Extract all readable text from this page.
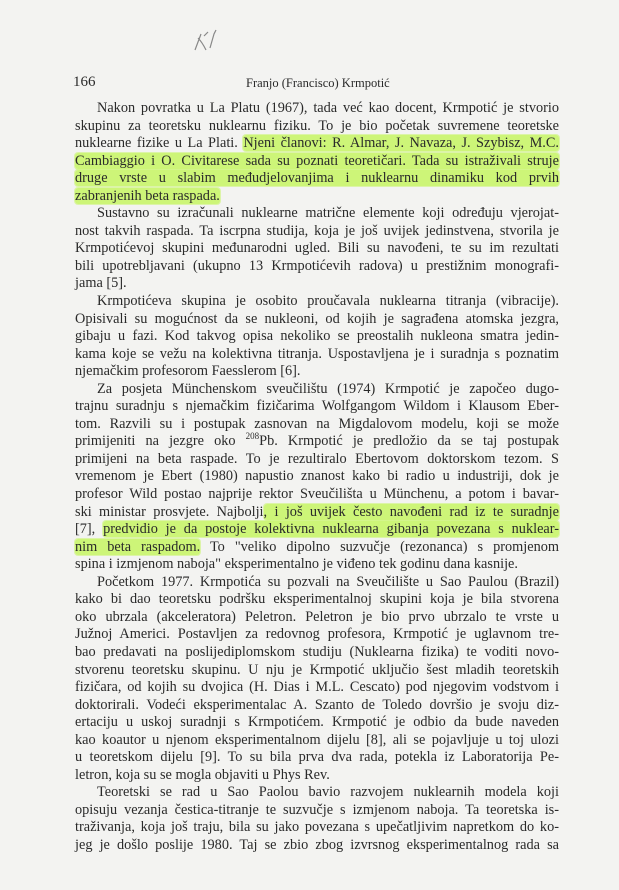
166	Franjo (Francisco) Krmpotić
Nakon povratka u La Platu (1967), tada već kao docent, Krmpotić je stvorio
skupinu za teoretsku nuklearnu fiziku. To je bio početak suvremene teoretske
nuklearne fizike u La Plati. Njeni članovi: R. Almar, J. Navaza, J. Szybisz, M.C.
Cambiaggio i O. Civitarese sada su poznati teoretičari. Tada su istraživali struje
druge vrste u slabim međudjelovanjima i nuklearnu dinamiku kod prvih
zabranjenih beta raspada.
Sustavno su izračunali nuklearne matrične elemente koji određuju vjerojat-
nost takvih raspada. Ta iscrpna studija, koja je još uvijek jedinstvena, stvorila je
Krmpotićevoj skupini međunarodni ugled. Bili su navođeni, te su im rezultati
bili upotrebljavani (ukupno 13 Krmpotićevih radova) u prestižnim monografi-
jama [5].
Krmpotićeva skupina je osobito proučavala nuklearna titranja (vibracije).
Opisivali su mogućnost da se nukleoni, od kojih je sagrađena atomska jezgra,
gibaju u fazi. Kod takvog opisa nekoliko se preostalih nukleona smatra jedin-
kama koje se vežu na kolektivna titranja. Uspostavljena je i suradnja s poznatim
njemačkim profesorom Faesslerom [6].
Za posjeta Münchenskom sveučilištu (1974) Krmpotić je započeo dugo-
trajnu suradnju s njemačkim fizičarima Wolfgangom Wildom i Klausom Eber-
tom. Razvili su i postupak zasnovan na Migdalovom modelu, koji se može
primijeniti na jezgre oko $^{208}$Pb. Krmpotić je predložio da se taj postupak
primijeni na beta raspade. To je rezultiralo Ebertovom doktorskom tezom. S
vremenom je Ebert (1980) napustio znanost kako bi radio u industriji, dok je
profesor Wild postao najprije rektor Sveučilišta u Münchenu, a potom i bavar-
ski ministar prosvjete. Najbolji, i još uvijek često navođeni rad iz te suradnje
[7], predvidio je da postoje kolektivna nuklearna gibanja povezana s nuklear-
nim beta raspadom. To "veliko dipolno suzvučje (rezonanca) s promjenom
spina i izmjenom naboja" eksperimentalno je viđeno tek godinu dana kasnije.
Početkom 1977. Krmpotića su pozvali na Sveučilište u Sao Paulou (Brazil)
kako bi dao teoretsku podršku eksperimentalnoj skupini koja je bila stvorena
oko ubrzala (akceleratora) Peletron. Peletron je bio prvo ubrzalo te vrste u
Južnoj Americi. Postavljen za redovnog profesora, Krmpotić je uglavnom tre-
bao predavati na poslijediplomskom studiju (Nuklearna fizika) te voditi novo-
stvorenu teoretsku skupinu. U nju je Krmpotić uključio šest mladih teoretskih
fizičara, od kojih su dvojica (H. Dias i M.L. Cescato) pod njegovim vodstvom i
doktorirali. Vodeći eksperimentalac A. Szanto de Toledo dovršio je svoju diz-
ertaciju u uskoj suradnji s Krmpotićem. Krmpotić je odbio da bude naveden
kao koautor u njenom eksperimentalnom dijelu [8], ali se pojavljuje u toj ulozi
u teoretskom dijelu [9]. To su bila prva dva rada, potekla iz Laboratorija Pe-
letron, koja su se mogla objaviti u Phys Rev.
Teoretski se rad u Sao Paolou bavio razvojem nuklearnih modela koji
opisuju vezanja čestica-titranje te suzvučje s izmjenom naboja. Ta teoretska is-
traživanja, koja još traju, bila su jako povezana s upečatljivim napretkom do ko-
jeg je došlo poslije 1980. Taj se zbio zbog izvrsnog eksperimentalnog rada sa
